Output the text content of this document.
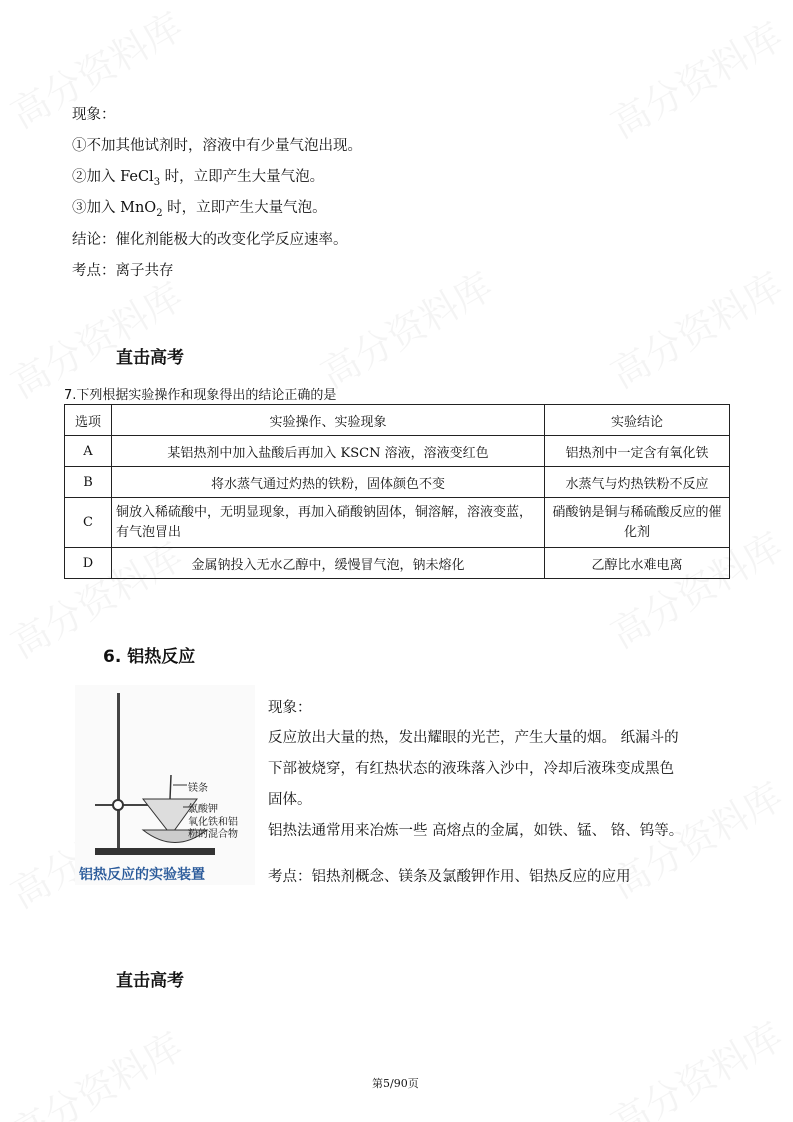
现象：
①不加其他试剂时，溶液中有少量气泡出现。
②加入 FeCl$_3$ 时，立即产生大量气泡。
③加入 MnO$_2$ 时，立即产生大量气泡。
结论：催化剂能极大的改变化学反应速率。
考点：离子共存
直击高考
7.下列根据实验操作和现象得出的结论正确的是
选项	实验操作、实验现象	实验结论
A	某铝热剂中加入盐酸后再加入 KSCN 溶液，溶液变红色	铝热剂中一定含有氧化铁
B	将水蒸气通过灼热的铁粉，固体颜色不变	水蒸气与灼热铁粉不反应
C	铜放入稀硫酸中，无明显现象，再加入硝酸钠固体，铜溶解，溶液变蓝，有气泡冒出	硝酸钠是铜与稀硫酸反应的催化剂
D	金属钠投入无水乙醇中，缓慢冒气泡，钠未熔化	乙醇比水难电离
6. 铝热反应
镁条
氯酸钾
氧化铁和铝
粉的混合物
铝热反应的实验装置
现象：
反应放出大量的热，发出耀眼的光芒，产生大量的烟。 纸漏斗的
下部被烧穿，有红热状态的液珠落入沙中，冷却后液珠变成黑色
固体。
铝热法通常用来冶炼一些 高熔点的金属，如铁、锰、 铬、钨等。
考点：铝热剂概念、镁条及氯酸钾作用、铝热反应的应用
直击高考
第5/90页
